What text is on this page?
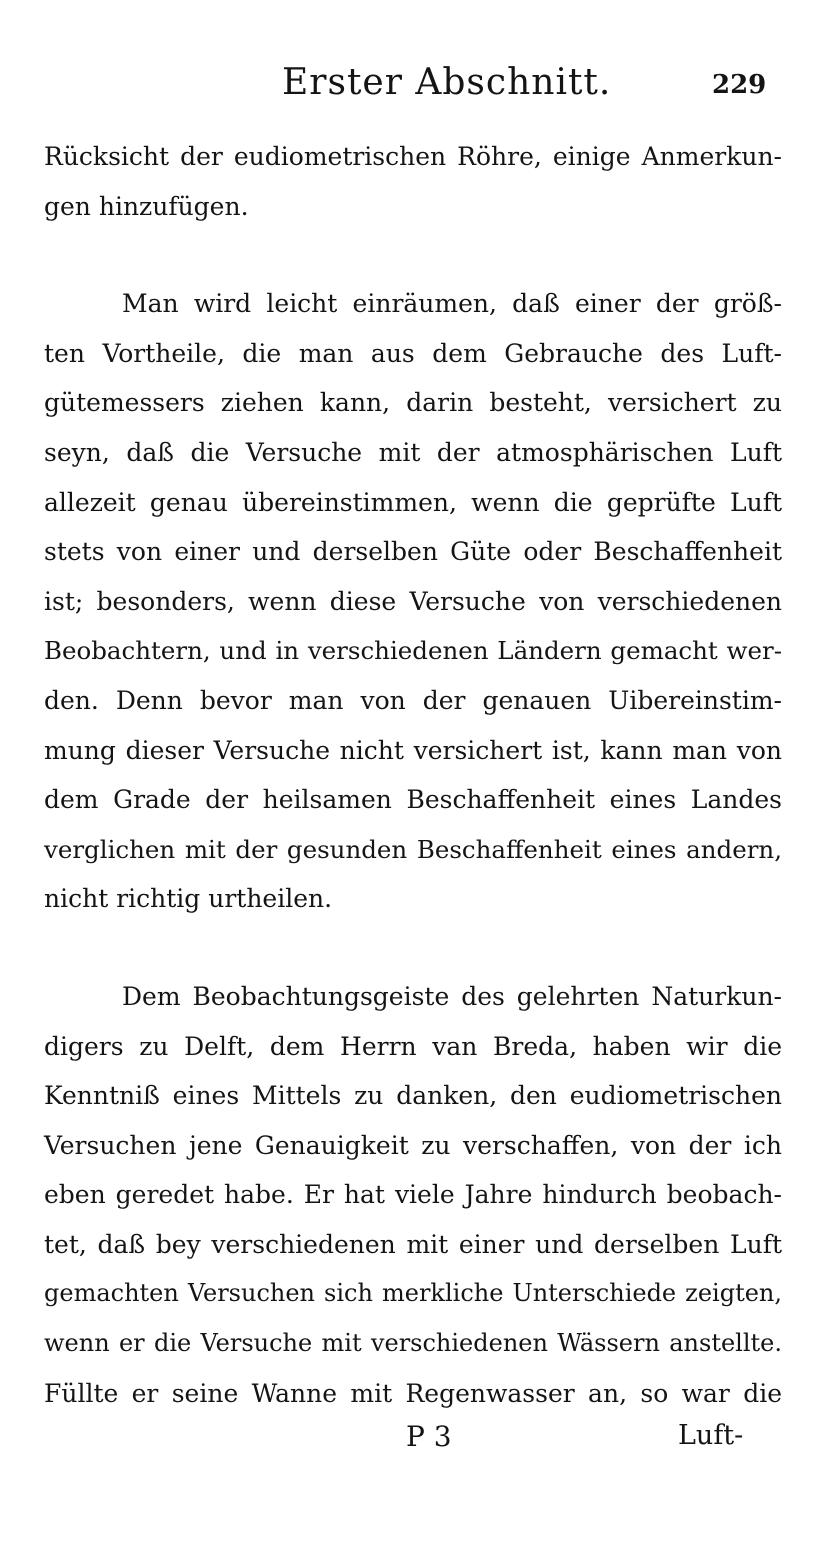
Erster Abschnitt.	229
Rücksicht der eudiometrischen Röhre, einige Anmerkun-
gen hinzufügen.
Man wird leicht einräumen, daß einer der größ-
ten Vortheile, die man aus dem Gebrauche des Luft-
gütemessers ziehen kann, darin besteht, versichert zu
seyn, daß die Versuche mit der atmosphärischen Luft
allezeit genau übereinstimmen, wenn die geprüfte Luft
stets von einer und derselben Güte oder Beschaffenheit
ist; besonders, wenn diese Versuche von verschiedenen
Beobachtern, und in verschiedenen Ländern gemacht wer-
den. Denn bevor man von der genauen Uibereinstim-
mung dieser Versuche nicht versichert ist, kann man von
dem Grade der heilsamen Beschaffenheit eines Landes
verglichen mit der gesunden Beschaffenheit eines andern,
nicht richtig urtheilen.
Dem Beobachtungsgeiste des gelehrten Naturkun-
digers zu Delft, dem Herrn van Breda, haben wir die
Kenntniß eines Mittels zu danken, den eudiometrischen
Versuchen jene Genauigkeit zu verschaffen, von der ich
eben geredet habe. Er hat viele Jahre hindurch beobach-
tet, daß bey verschiedenen mit einer und derselben Luft
gemachten Versuchen sich merkliche Unterschiede zeigten,
wenn er die Versuche mit verschiedenen Wässern anstellte.
Füllte er seine Wanne mit Regenwasser an, so war die
P 3	Luft-
